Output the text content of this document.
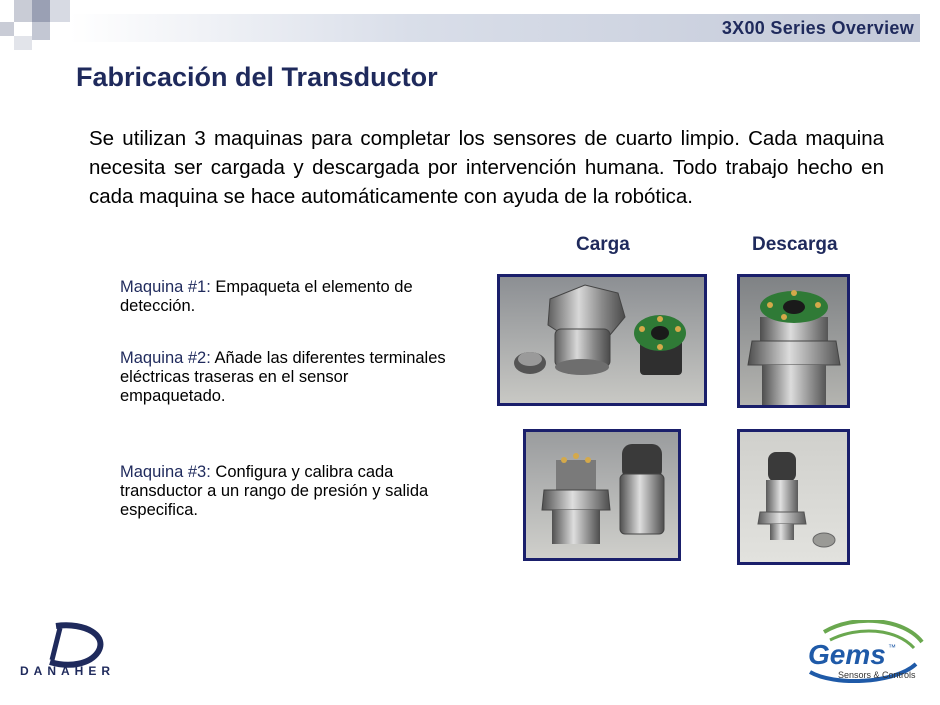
3X00 Series Overview
Fabricación del Transductor

Se utilizan 3 maquinas para completar los sensores de cuarto limpio. Cada maquina necesita ser cargada y descargada por intervención humana. Todo trabajo hecho en cada maquina se hace automáticamente con ayuda de la robótica.

Carga	Descarga
Maquina #1: Empaqueta el elemento de detección.
Maquina #2: Añade las diferentes terminales eléctricas traseras en el sensor empaquetado.
Maquina #3: Configura y calibra cada transductor a un rango de presión y salida especifica.
DANAHER
Gems ™
Sensors & Controls
